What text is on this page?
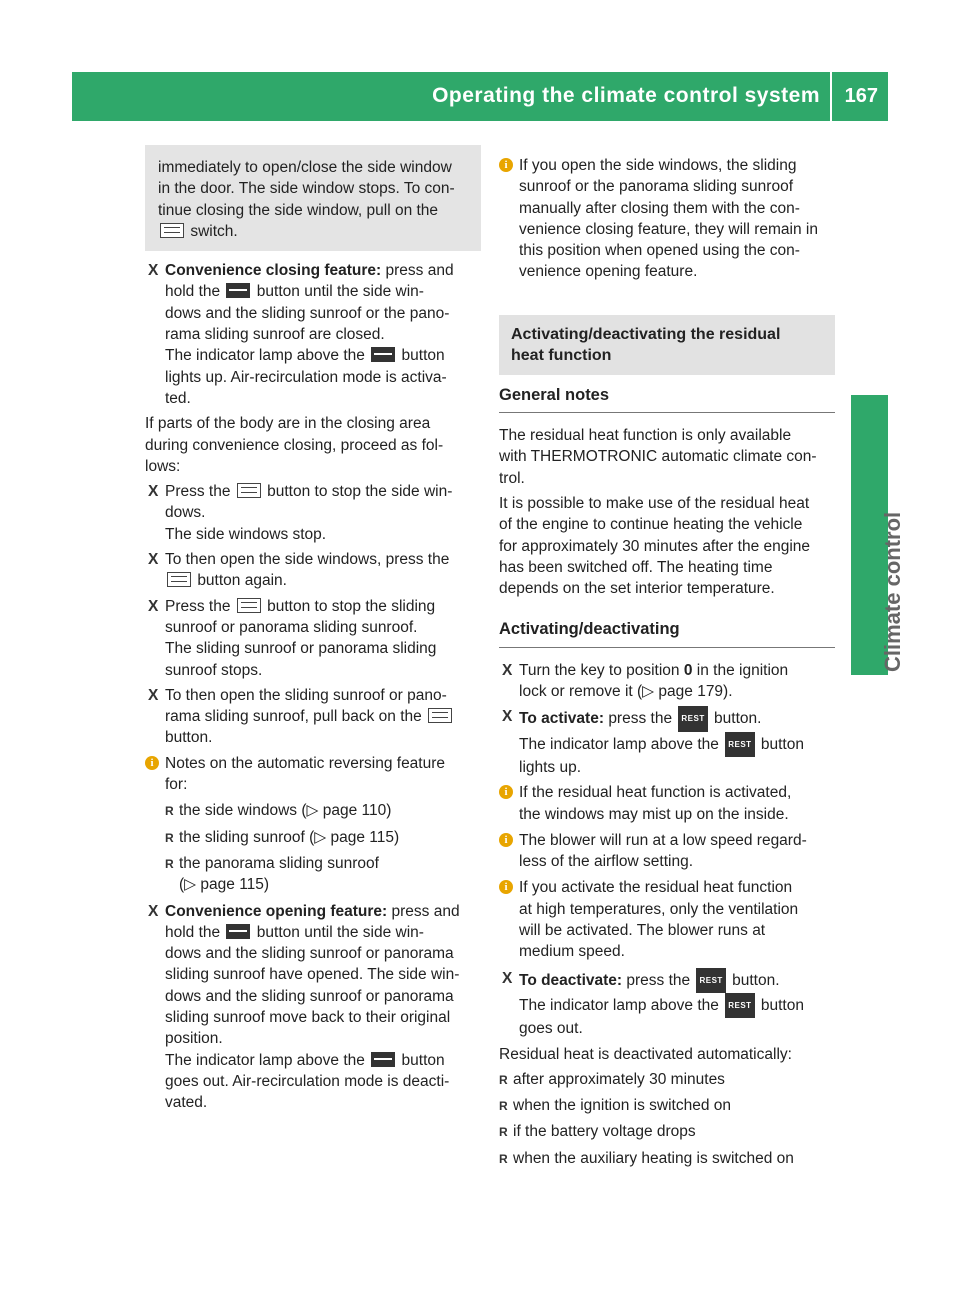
Operating the climate control system 167
Climate control

immediately to open/close the side window

in the door. The side window stops. To con-

tinue closing the side window, pull on the

switch.

X Convenience closing feature: press and

hold the button until the side win-

dows and the sliding sunroof or the pano-

rama sliding sunroof are closed.

The indicator lamp above the button

lights up. Air-recirculation mode is activa-

ted.

If parts of the body are in the closing area

during convenience closing, proceed as fol-

lows:

X Press the button to stop the side win-

dows.

The side windows stop.

X To then open the side windows, press the

button again.

X Press the button to stop the sliding

sunroof or panorama sliding sunroof.

The sliding sunroof or panorama sliding

sunroof stops.

X To then open the sliding sunroof or pano-

rama sliding sunroof, pull back on the

button.

i Notes on the automatic reversing feature

for:

R the side windows (▷ page 110)
R the sliding sunroof (▷ page 115)
R the panorama sliding sunroof
(▷ page 115)
X Convenience opening feature: press and

hold the button until the side win-

dows and the sliding sunroof or panorama

sliding sunroof have opened. The side win-

dows and the sliding sunroof or panorama

sliding sunroof move back to their original

position.

The indicator lamp above the button

goes out. Air-recirculation mode is deacti-

vated.

i If you open the side windows, the sliding

sunroof or the panorama sliding sunroof

manually after closing them with the con-

venience closing feature, they will remain in

this position when opened using the con-

venience opening feature.

Activating/deactivating the residual

heat function

General notes

The residual heat function is only available

with THERMOTRONIC automatic climate con-

trol.

It is possible to make use of the residual heat

of the engine to continue heating the vehicle

for approximately 30 minutes after the engine

has been switched off. The heating time

depends on the set interior temperature.

Activating/deactivating
X Turn the key to position 0 in the ignition

lock or remove it (▷ page 179).

X To activate: press the REST button.

The indicator lamp above the REST button

lights up.

i If the residual heat function is activated,

the windows may mist up on the inside.

i The blower will run at a low speed regard-

less of the airflow setting.

i If you activate the residual heat function

at high temperatures, only the ventilation

will be activated. The blower runs at

medium speed.

X To deactivate: press the REST button.

The indicator lamp above the REST button

goes out.

Residual heat is deactivated automatically:

R after approximately 30 minutes
R when the ignition is switched on
R if the battery voltage drops
R when the auxiliary heating is switched on
